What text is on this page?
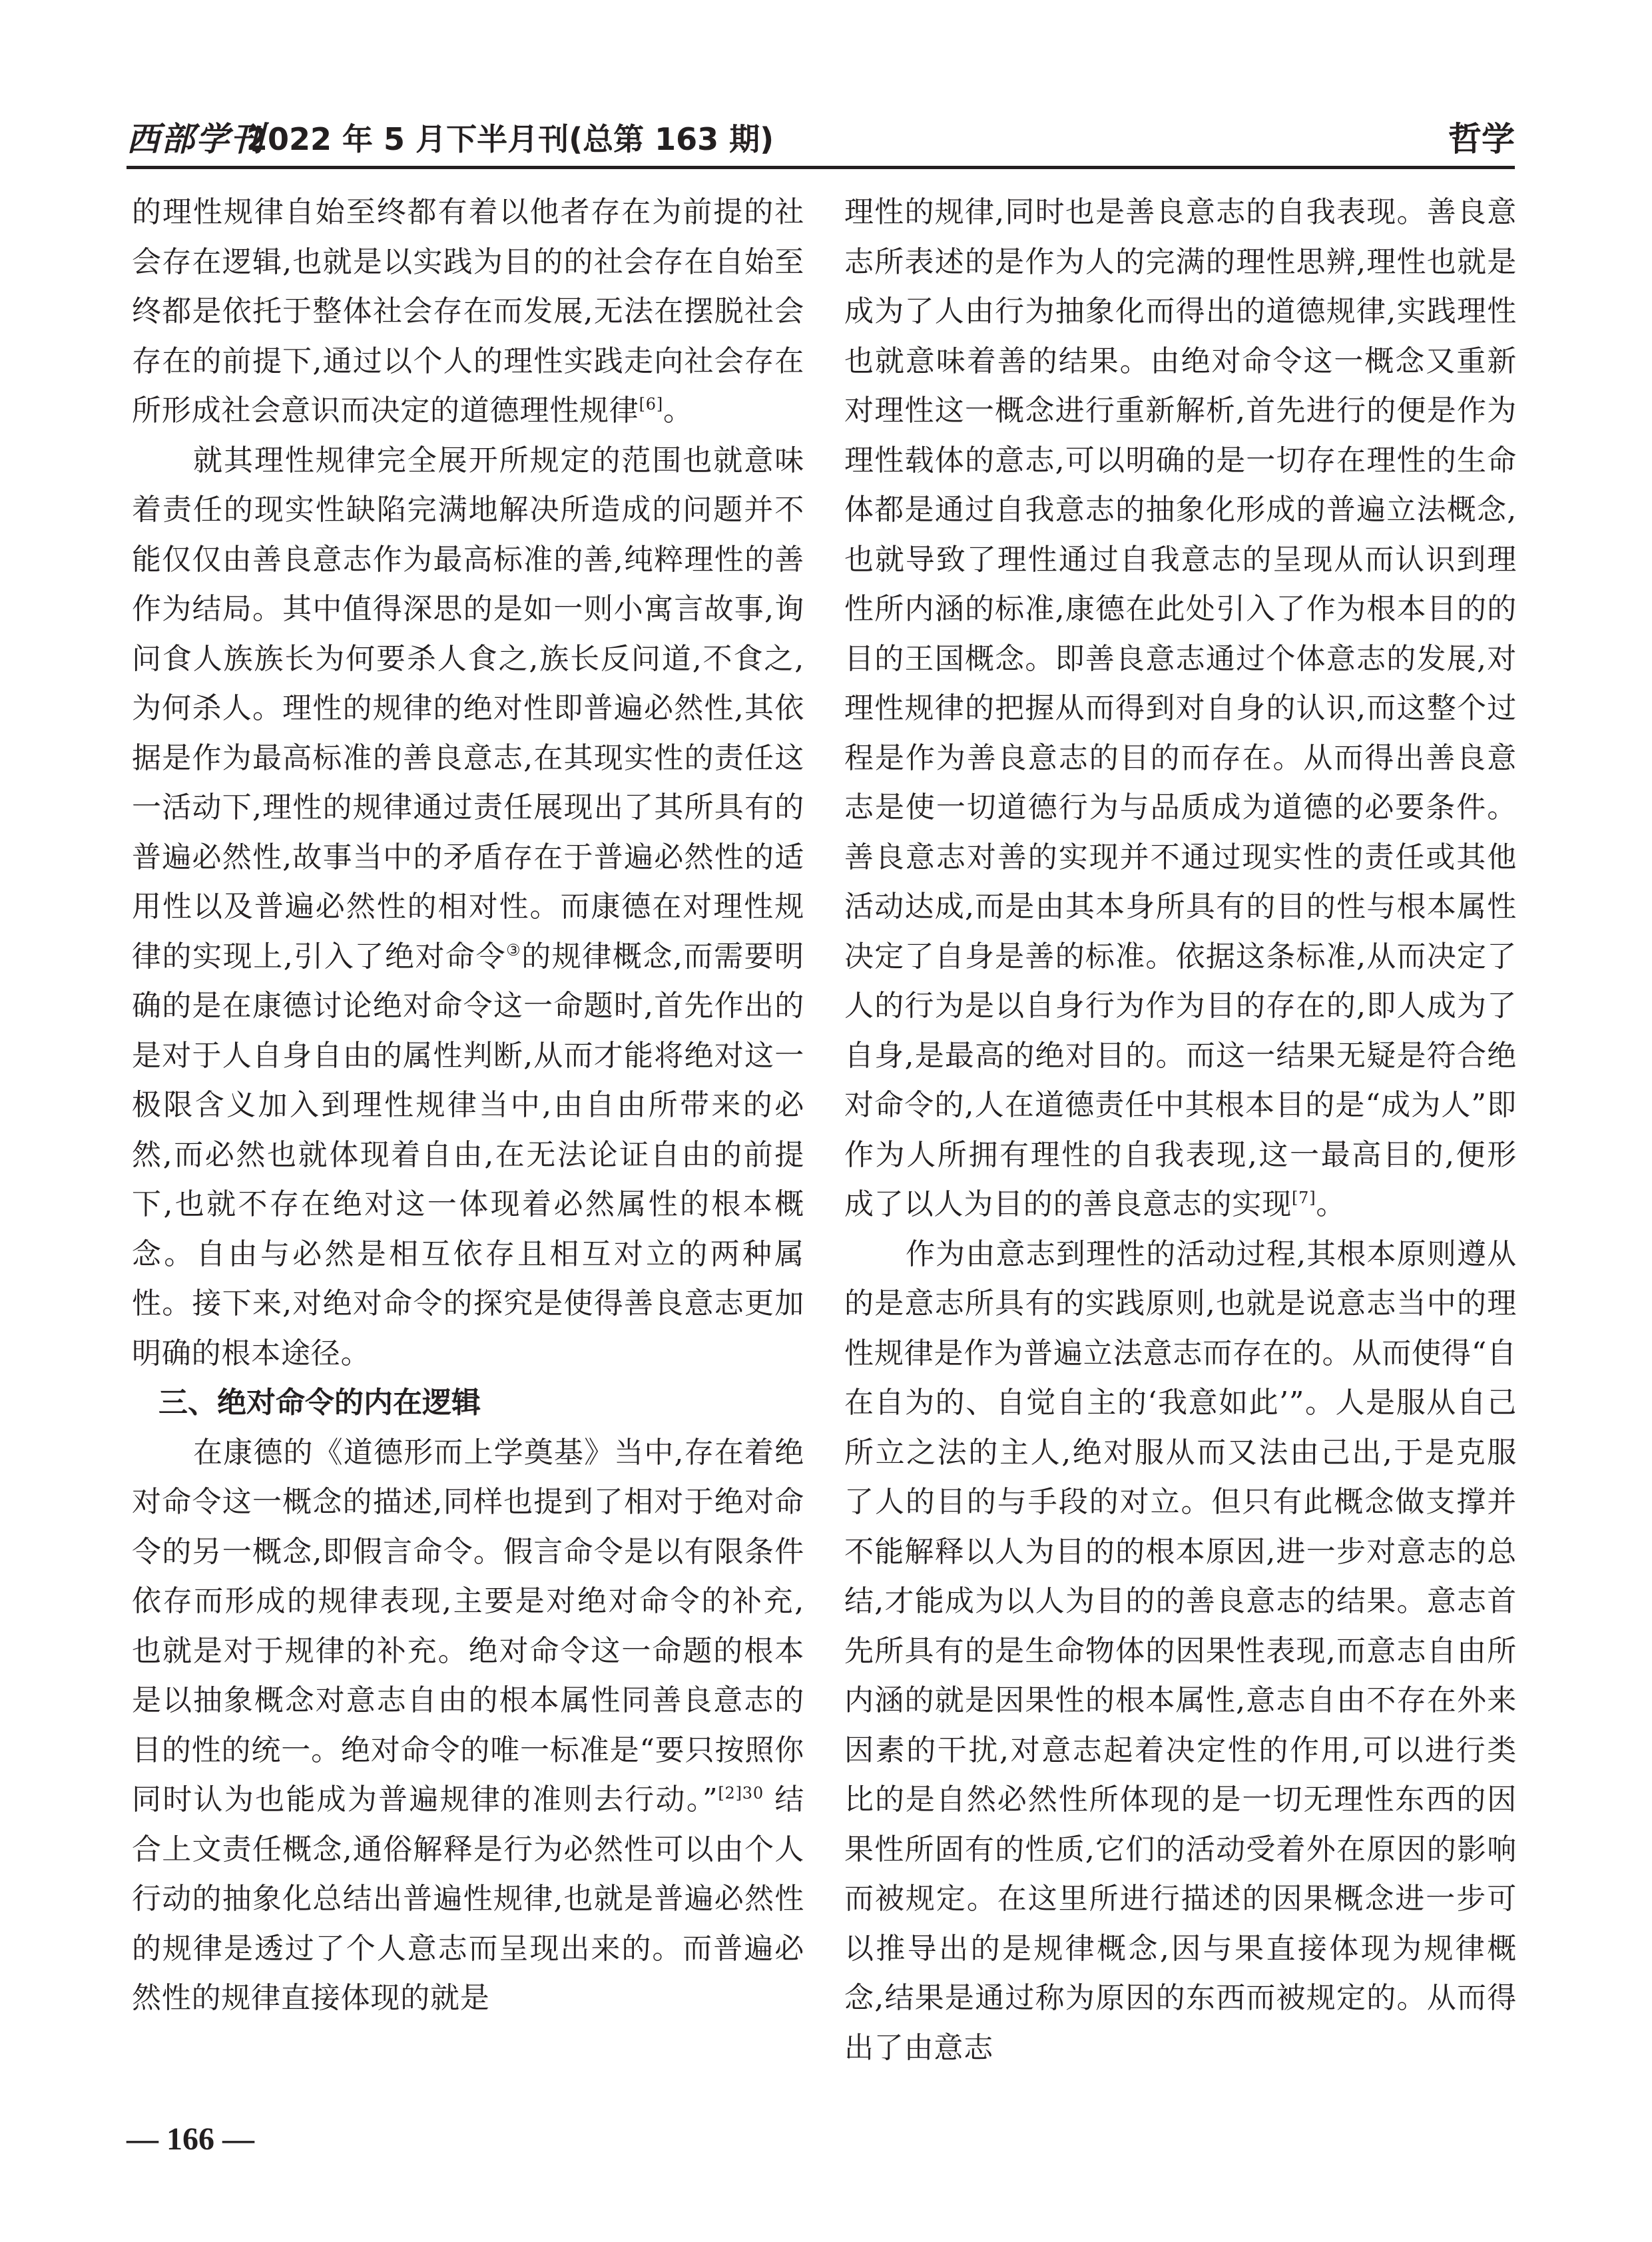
西部学刊
2022 年 5 月下半月刊(总第 163 期)	哲学

的理性规律自始至终都有着以他者存在为前提的社会存在逻辑,也就是以实践为目的的社会存在自始至终都是依托于整体社会存在而发展,无法在摆脱社会存在的前提下,通过以个人的理性实践走向社会存在所形成社会意识而决定的道德理性规律[6]。

就其理性规律完全展开所规定的范围也就意味着责任的现实性缺陷完满地解决所造成的问题并不能仅仅由善良意志作为最高标准的善,纯粹理性的善作为结局。其中值得深思的是如一则小寓言故事,询问食人族族长为何要杀人食之,族长反问道,不食之,为何杀人。理性的规律的绝对性即普遍必然性,其依据是作为最高标准的善良意志,在其现实性的责任这一活动下,理性的规律通过责任展现出了其所具有的普遍必然性,故事当中的矛盾存在于普遍必然性的适用性以及普遍必然性的相对性。而康德在对理性规律的实现上,引入了绝对命令③的规律概念,而需要明确的是在康德讨论绝对命令这一命题时,首先作出的是对于人自身自由的属性判断,从而才能将绝对这一极限含义加入到理性规律当中,由自由所带来的必然,而必然也就体现着自由,在无法论证自由的前提下,也就不存在绝对这一体现着必然属性的根本概念。自由与必然是相互依存且相互对立的两种属性。接下来,对绝对命令的探究是使得善良意志更加明确的根本途径。

三、绝对命令的内在逻辑

在康德的《道德形而上学奠基》当中,存在着绝对命令这一概念的描述,同样也提到了相对于绝对命令的另一概念,即假言命令。假言命令是以有限条件依存而形成的规律表现,主要是对绝对命令的补充,也就是对于规律的补充。绝对命令这一命题的根本是以抽象概念对意志自由的根本属性同善良意志的目的性的统一。绝对命令的唯一标准是“要只按照你同时认为也能成为普遍规律的准则去行动。”$^{[2]30}$ 结合上文责任概念,通俗解释是行为必然性可以由个人行动的抽象化总结出普遍性规律,也就是普遍必然性的规律是透过了个人意志而呈现出来的。而普遍必然性的规律直接体现的就是

理性的规律,同时也是善良意志的自我表现。善良意志所表述的是作为人的完满的理性思辨,理性也就是成为了人由行为抽象化而得出的道德规律,实践理性也就意味着善的结果。由绝对命令这一概念又重新对理性这一概念进行重新解析,首先进行的便是作为理性载体的意志,可以明确的是一切存在理性的生命体都是通过自我意志的抽象化形成的普遍立法概念,也就导致了理性通过自我意志的呈现从而认识到理性所内涵的标准,康德在此处引入了作为根本目的的目的王国概念。即善良意志通过个体意志的发展,对理性规律的把握从而得到对自身的认识,而这整个过程是作为善良意志的目的而存在。从而得出善良意志是使一切道德行为与品质成为道德的必要条件。善良意志对善的实现并不通过现实性的责任或其他活动达成,而是由其本身所具有的目的性与根本属性决定了自身是善的标准。依据这条标准,从而决定了人的行为是以自身行为作为目的存在的,即人成为了自身,是最高的绝对目的。而这一结果无疑是符合绝对命令的,人在道德责任中其根本目的是“成为人”即作为人所拥有理性的自我表现,这一最高目的,便形成了以人为目的的善良意志的实现[7]。

作为由意志到理性的活动过程,其根本原则遵从的是意志所具有的实践原则,也就是说意志当中的理性规律是作为普遍立法意志而存在的。从而使得“自在自为的、自觉自主的‘我意如此’”。人是服从自己所立之法的主人,绝对服从而又法由己出,于是克服了人的目的与手段的对立。但只有此概念做支撑并不能解释以人为目的的根本原因,进一步对意志的总结,才能成为以人为目的的善良意志的结果。意志首先所具有的是生命物体的因果性表现,而意志自由所内涵的就是因果性的根本属性,意志自由不存在外来因素的干扰,对意志起着决定性的作用,可以进行类比的是自然必然性所体现的是一切无理性东西的因果性所固有的性质,它们的活动受着外在原因的影响而被规定。在这里所进行描述的因果概念进一步可以推导出的是规律概念,因与果直接体现为规律概念,结果是通过称为原因的东西而被规定的。从而得出了由意志

— 166 —
